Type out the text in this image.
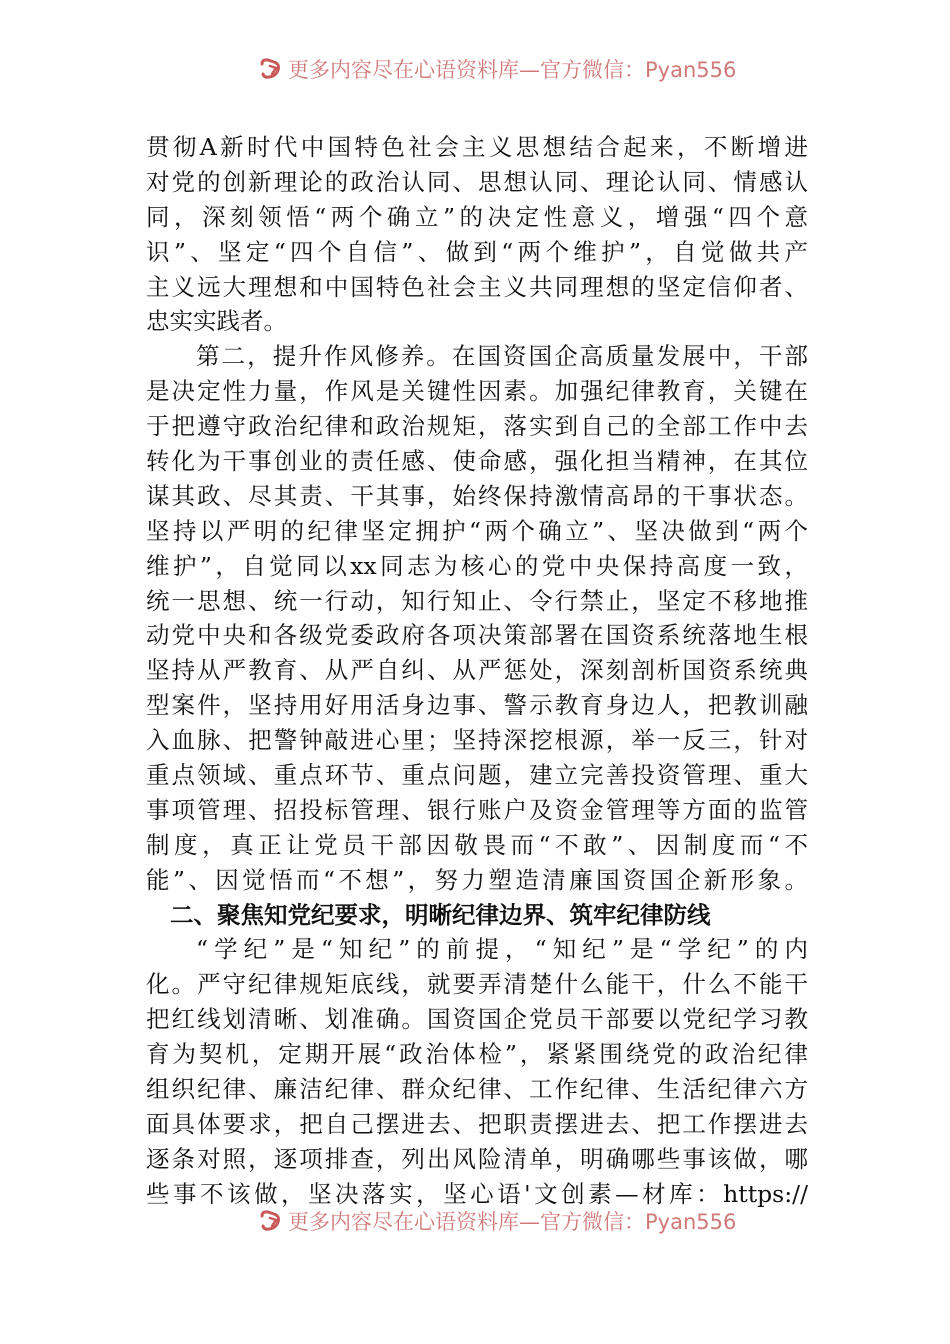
更多内容尽在心语资料库—官方微信：Pyan556
贯彻A新时代中国特色社会主义思想结合起来，不断增进
对党的创新理论的政治认同、思想认同、理论认同、情感认
同，深刻领悟“两个确立”的决定性意义，增强“四个意
识”、坚定“四个自信”、做到“两个维护”，自觉做共产
主义远大理想和中国特色社会主义共同理想的坚定信仰者、
忠实实践者。
第二，提升作风修养。在国资国企高质量发展中，干部
是决定性力量，作风是关键性因素。加强纪律教育，关键在
于把遵守政治纪律和政治规矩，落实到自己的全部工作中去
转化为干事创业的责任感、使命感，强化担当精神，在其位
谋其政、尽其责、干其事，始终保持激情高昂的干事状态。
坚持以严明的纪律坚定拥护“两个确立”、坚决做到“两个
维护”，自觉同以xx同志为核心的党中央保持高度一致，
统一思想、统一行动，知行知止、令行禁止，坚定不移地推
动党中央和各级党委政府各项决策部署在国资系统落地生根
坚持从严教育、从严自纠、从严惩处，深刻剖析国资系统典
型案件，坚持用好用活身边事、警示教育身边人，把教训融
入血脉、把警钟敲进心里；坚持深挖根源，举一反三，针对
重点领域、重点环节、重点问题，建立完善投资管理、重大
事项管理、招投标管理、银行账户及资金管理等方面的监管
制度，真正让党员干部因敬畏而“不敢”、因制度而“不
能”、因觉悟而“不想”，努力塑造清廉国资国企新形象。
二、聚焦知党纪要求，明晰纪律边界、筑牢纪律防线
“学纪”是“知纪”的前提，“知纪”是“学纪”的内
化。严守纪律规矩底线，就要弄清楚什么能干，什么不能干
把红线划清晰、划准确。国资国企党员干部要以党纪学习教
育为契机，定期开展“政治体检”，紧紧围绕党的政治纪律
组织纪律、廉洁纪律、群众纪律、工作纪律、生活纪律六方
面具体要求，把自己摆进去、把职责摆进去、把工作摆进去
逐条对照，逐项排查，列出风险清单，明确哪些事该做，哪
些事不该做，坚决落实，坚心语'文创素—材库：https://
更多内容尽在心语资料库—官方微信：Pyan556
